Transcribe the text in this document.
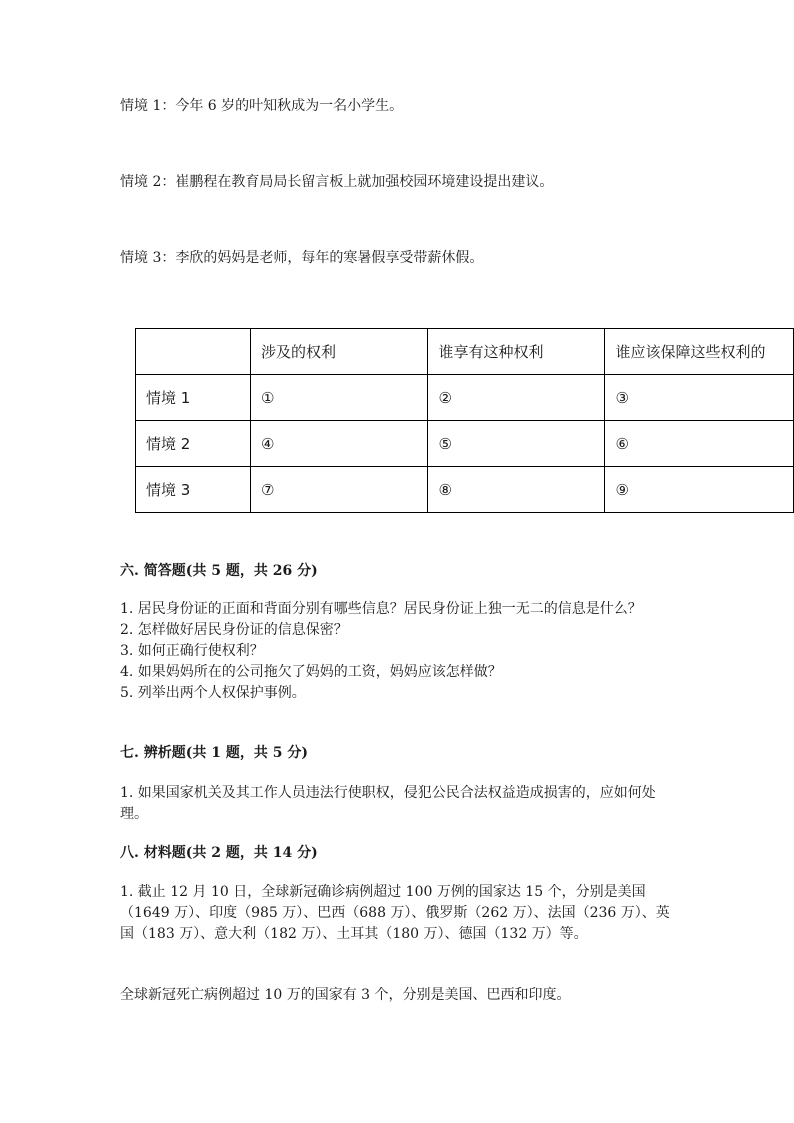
情境 1：今年 6 岁的叶知秋成为一名小学生。
情境 2：崔鹏程在教育局局长留言板上就加强校园环境建设提出建议。
情境 3：李欣的妈妈是老师，每年的寒暑假享受带薪休假。
	涉及的权利	谁享有这种权利	谁应该保障这些权利的
情境 1	①	②	③
情境 2	④	⑤	⑥
情境 3	⑦	⑧	⑨
六. 简答题(共 5 题，共 26 分)
1. 居民身份证的正面和背面分别有哪些信息？居民身份证上独一无二的信息是什么？
2. 怎样做好居民身份证的信息保密？
3. 如何正确行使权利？
4. 如果妈妈所在的公司拖欠了妈妈的工资，妈妈应该怎样做？
5. 列举出两个人权保护事例。
七. 辨析题(共 1 题，共 5 分)
1. 如果国家机关及其工作人员违法行使职权，侵犯公民合法权益造成损害的，应如何处理。
八. 材料题(共 2 题，共 14 分)
1. 截止 12 月 10 日，全球新冠确诊病例超过 100 万例的国家达 15 个，分别是美国（1649 万）、印度（985 万）、巴西（688 万）、俄罗斯（262 万）、法国（236 万）、英国（183 万）、意大利（182 万）、土耳其（180 万）、德国（132 万）等。
全球新冠死亡病例超过 10 万的国家有 3 个，分别是美国、巴西和印度。
